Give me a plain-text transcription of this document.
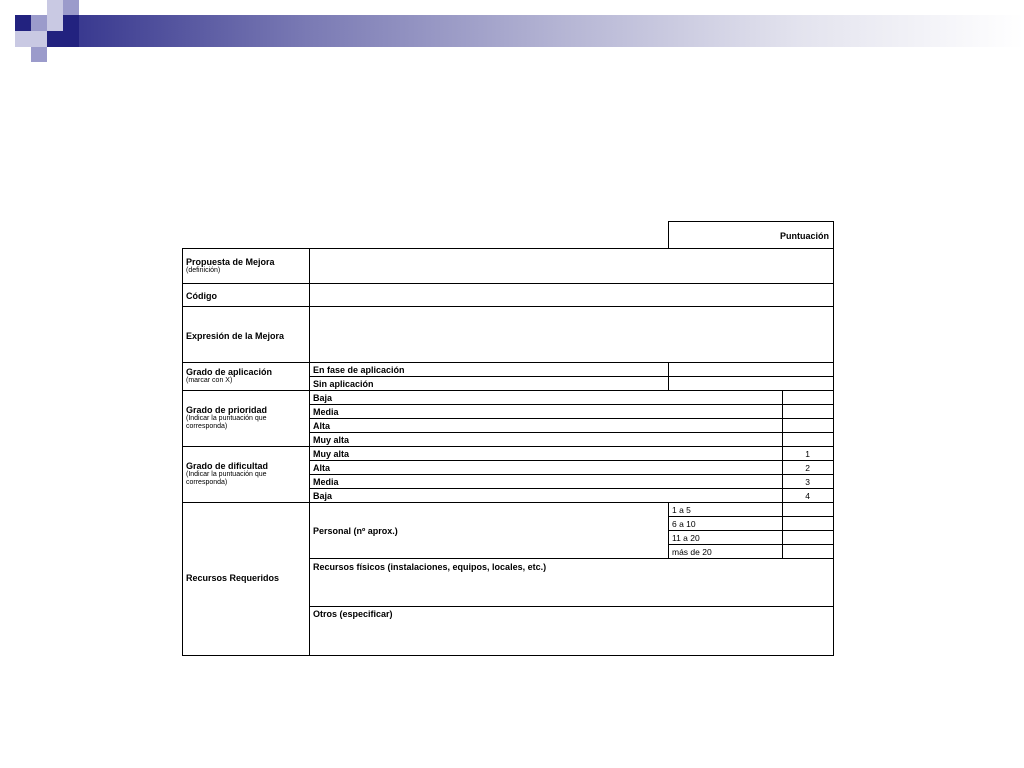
Puntuación
Propuesta de Mejora
(definición)
Código
Expresión de la Mejora
Grado de aplicación
(marcar con X)
Grado de prioridad
(Indicar la puntuación que corresponda)
Grado de dificultad
(Indicar la puntuación que corresponda)
Recursos Requeridos
En fase de aplicación
Sin aplicación
Baja
Media
Alta
Muy alta
Muy alta
Alta
Media
Baja
1
2
3
4
Personal (nº aprox.)
1 a 5
6 a 10
11 a 20
más de 20
Recursos físicos (instalaciones, equipos, locales, etc.)
Otros (especificar)
